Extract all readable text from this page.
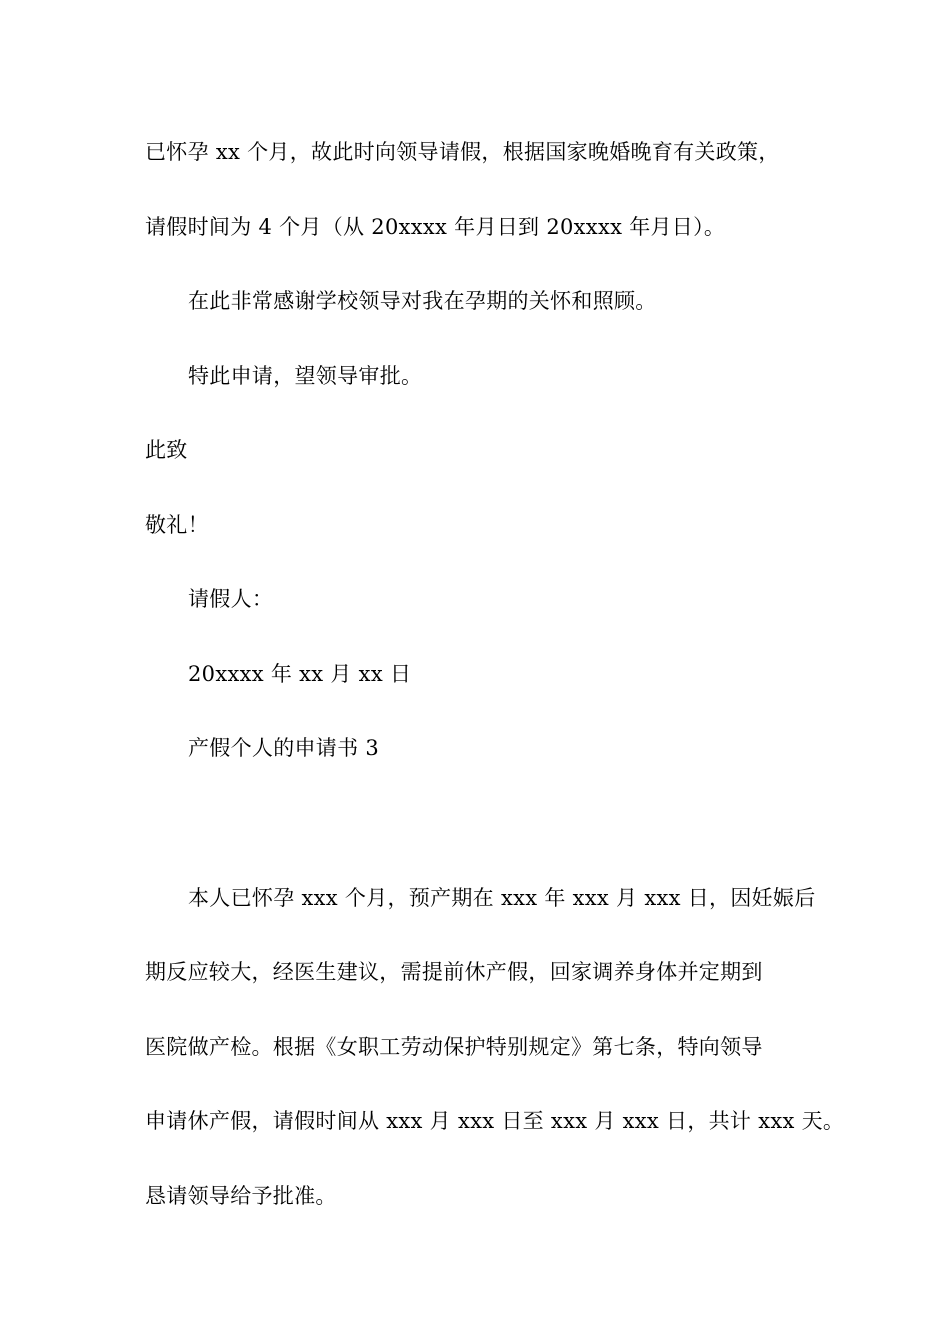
已怀孕 xx 个月，故此时向领导请假，根据国家晚婚晚育有关政策，
请假时间为 4 个月（从 20xxxx 年月日到 20xxxx 年月日）。
在此非常感谢学校领导对我在孕期的关怀和照顾。
特此申请，望领导审批。
此致
敬礼！
请假人：
20xxxx 年 xx 月 xx 日
产假个人的申请书 3
本人已怀孕 xxx 个月，预产期在 xxx 年 xxx 月 xxx 日，因妊娠后
期反应较大，经医生建议，需提前休产假，回家调养身体并定期到
医院做产检。根据《女职工劳动保护特别规定》第七条，特向领导
申请休产假，请假时间从 xxx 月 xxx 日至 xxx 月 xxx 日，共计 xxx 天。
恳请领导给予批准。
